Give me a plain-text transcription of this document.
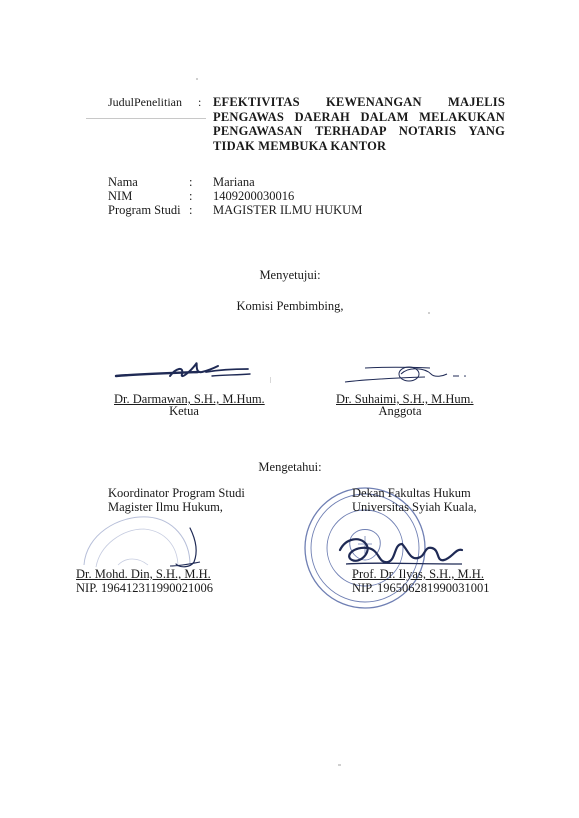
JudulPenelitian : EFEKTIVITAS KEWENANGAN MAJELIS
PENGAWAS DAERAH DALAM MELAKUKAN
PENGAWASAN TERHADAP NOTARIS YANG
TIDAK MEMBUKA KANTOR
Nama	: Mariana
NIM	: 1409200030016
Program Studi : MAGISTER ILMU HUKUM
Menyetujui:
Komisi Pembimbing,
Dr. Darmawan, S.H., M.Hum.
Ketua
Dr. Suhaimi, S.H., M.Hum.
Anggota
Mengetahui:
Koordinator Program Studi
Magister Ilmu Hukum,
Dr. Mohd. Din, S.H., M.H.
NIP. 196412311990021006
Dekan Fakultas Hukum
Universitas Syiah Kuala,
Prof. Dr. Ilyas, S.H., M.H.
NIP. 196506281990031001
